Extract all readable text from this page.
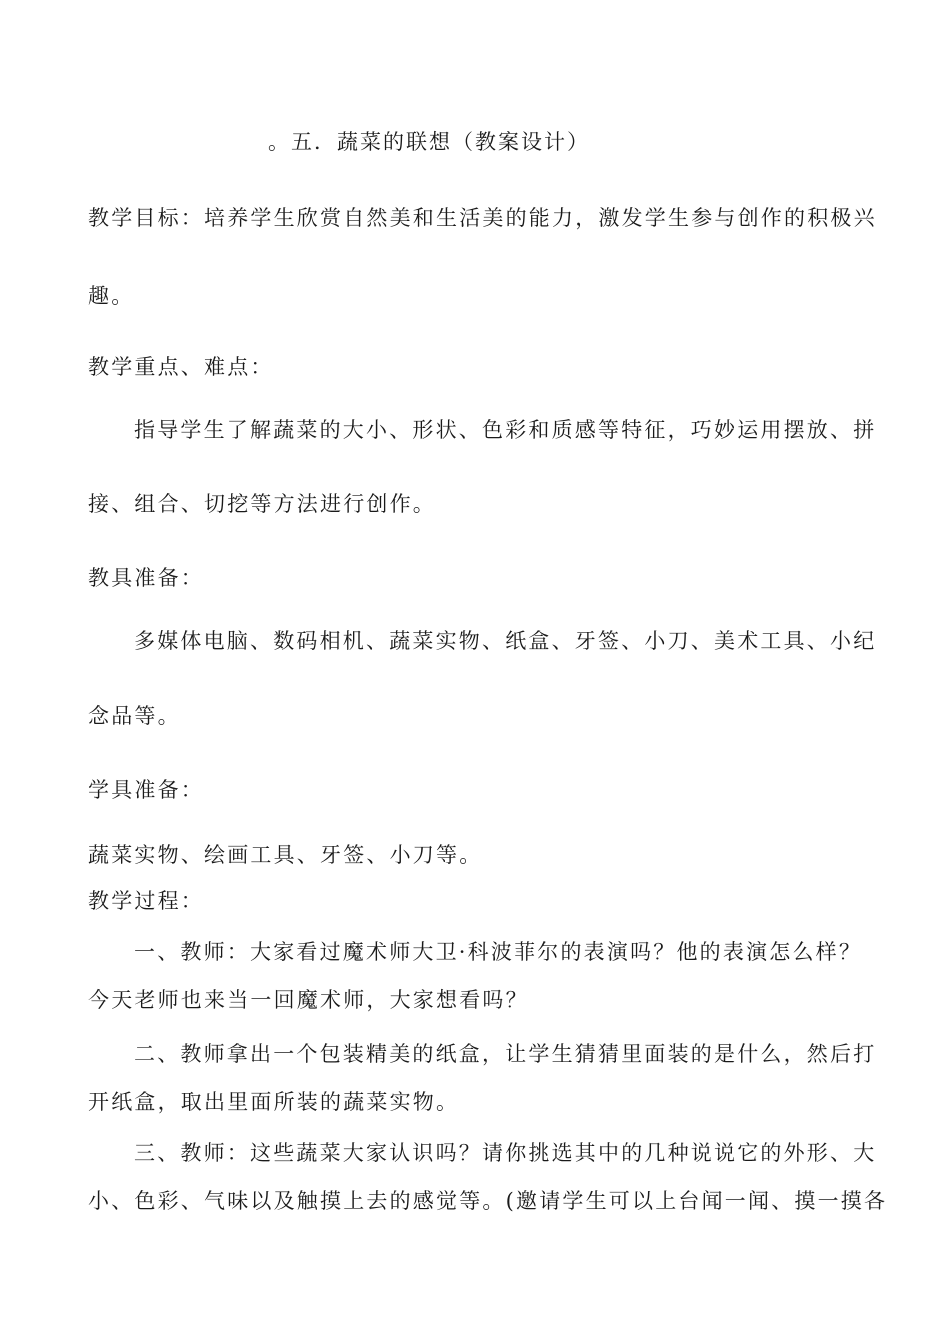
。五．蔬菜的联想（教案设计）
教学目标：培养学生欣赏自然美和生活美的能力，激发学生参与创作的积极兴
趣。
教学重点、难点：
指导学生了解蔬菜的大小、形状、色彩和质感等特征，巧妙运用摆放、拼
接、组合、切挖等方法进行创作。
教具准备：
多媒体电脑、数码相机、蔬菜实物、纸盒、牙签、小刀、美术工具、小纪
念品等。
学具准备：
蔬菜实物、绘画工具、牙签、小刀等。
教学过程：
一、教师：大家看过魔术师大卫·科波菲尔的表演吗？他的表演怎么样？
今天老师也来当一回魔术师，大家想看吗？
二、教师拿出一个包装精美的纸盒，让学生猜猜里面装的是什么，然后打
开纸盒，取出里面所装的蔬菜实物。
三、教师：这些蔬菜大家认识吗？请你挑选其中的几种说说它的外形、大
小、色彩、气味以及触摸上去的感觉等。(邀请学生可以上台闻一闻、摸一摸各
